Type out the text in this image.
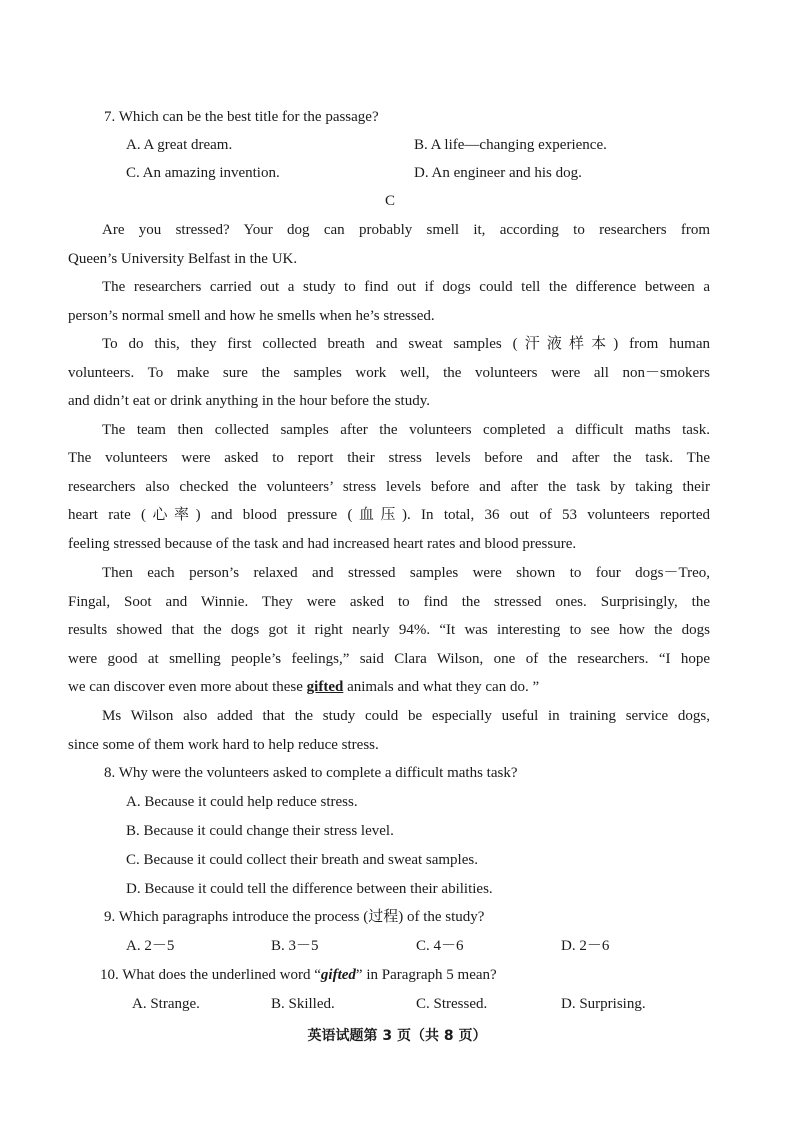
7. Which can be the best title for the passage?
A. A great dream.	B. A life—changing experience.
C. An amazing invention.	D. An engineer and his dog.
C
Are you stressed? Your dog can probably smell it, according to researchers from
Queen’s University Belfast in the UK.
The researchers carried out a study to find out if dogs could tell the difference between a
person’s normal smell and how he smells when he’s stressed.
To do this, they first collected breath and sweat samples (汗液样本) from human
volunteers. To make sure the samples work well, the volunteers were all non－smokers
and didn’t eat or drink anything in the hour before the study.
The team then collected samples after the volunteers completed a difficult maths task.
The volunteers were asked to report their stress levels before and after the task. The
researchers also checked the volunteers’ stress levels before and after the task by taking their
heart rate (心率) and blood pressure (血压). In total, 36 out of 53 volunteers reported
feeling stressed because of the task and had increased heart rates and blood pressure.
Then each person’s relaxed and stressed samples were shown to four dogs－Treo,
Fingal, Soot and Winnie. They were asked to find the stressed ones. Surprisingly, the
results showed that the dogs got it right nearly 94%. “It was interesting to see how the dogs
were good at smelling people’s feelings,” said Clara Wilson, one of the researchers. “I hope
we can discover even more about these gifted animals and what they can do. ”
Ms Wilson also added that the study could be especially useful in training service dogs,
since some of them work hard to help reduce stress.
8. Why were the volunteers asked to complete a difficult maths task?
A. Because it could help reduce stress.
B. Because it could change their stress level.
C. Because it could collect their breath and sweat samples.
D. Because it could tell the difference between their abilities.
9. Which paragraphs introduce the process (过程) of the study?
A. 2－5	B. 3－5	C. 4－6	D. 2－6
10. What does the underlined word “gifted” in Paragraph 5 mean?
A. Strange.	B. Skilled.	C. Stressed.	D. Surprising.
英语试题第 3 页（共 8 页）
